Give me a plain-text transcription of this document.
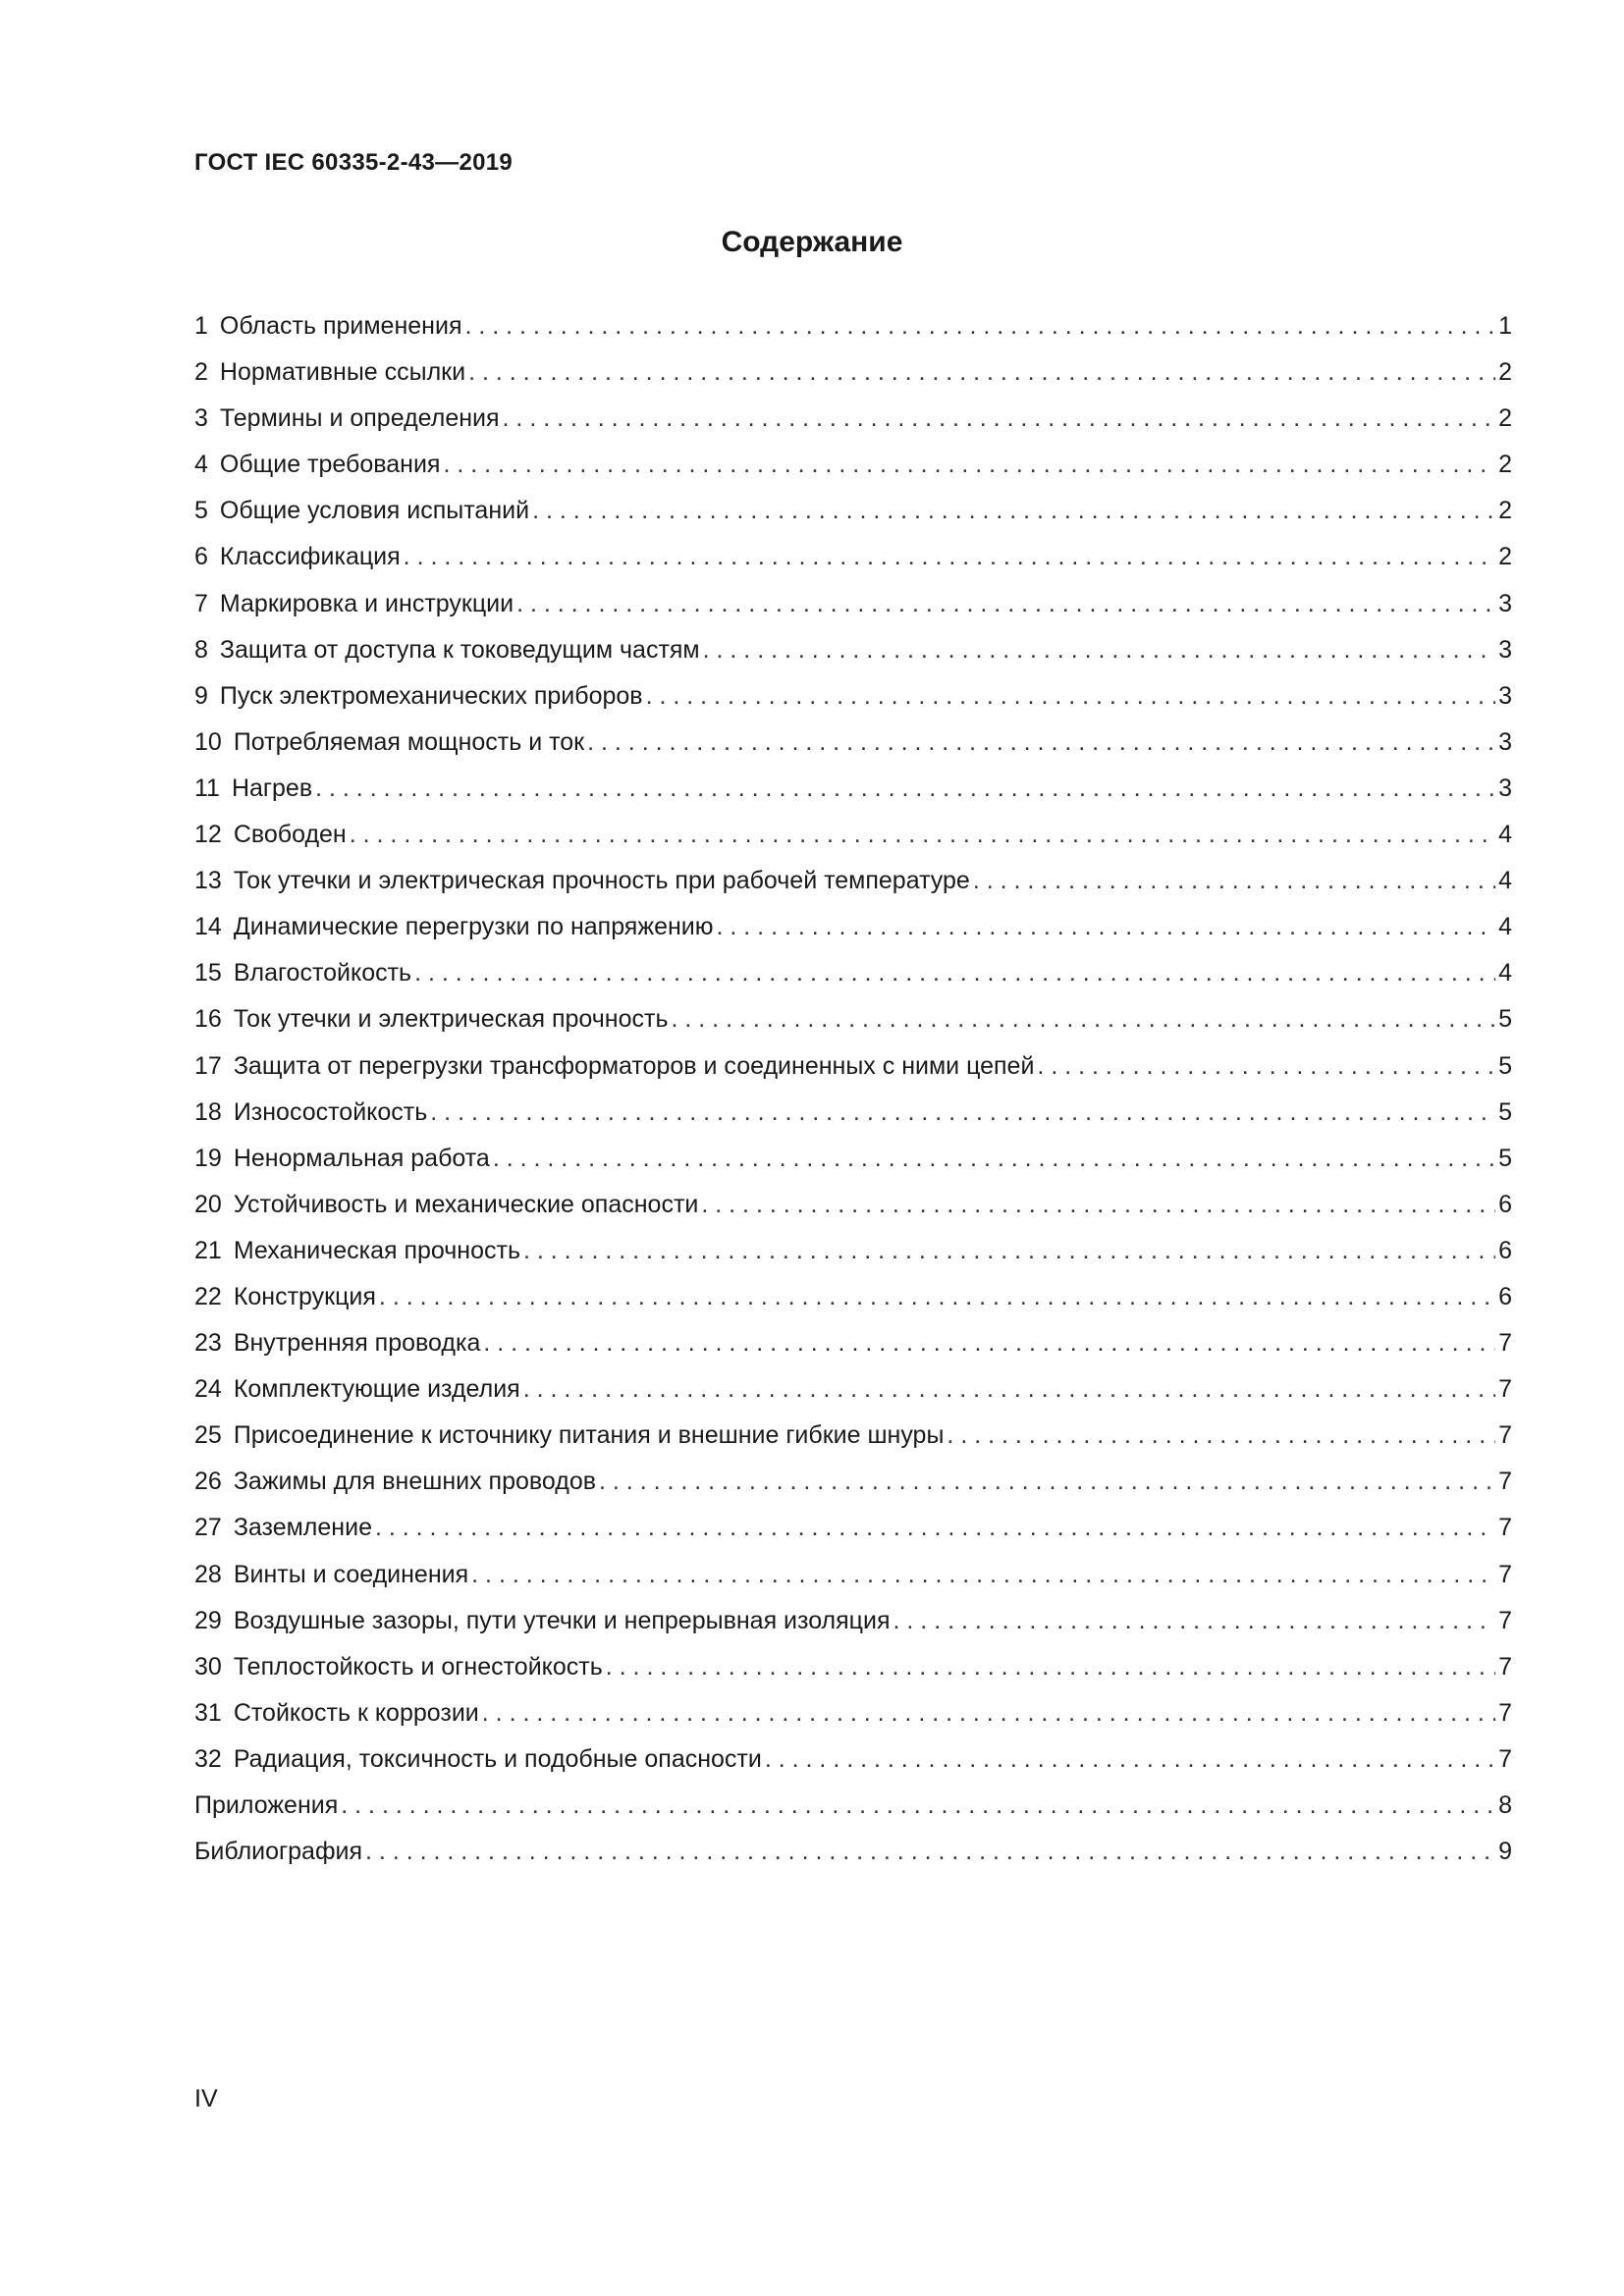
ГОСТ IEC 60335-2-43—2019
Содержание
1 Область применения . . .	1
2 Нормативные ссылки . . .	2
3 Термины и определения . . .	2
4 Общие требования . . .	2
5 Общие условия испытаний . . .	2
6 Классификация . . .	2
7 Маркировка и инструкции . . .	3
8 Защита от доступа к токоведущим частям . . .	3
9 Пуск электромеханических приборов . . .	3
10 Потребляемая мощность и ток . . .	3
11 Нагрев . . .	3
12 Свободен . . .	4
13 Ток утечки и электрическая прочность при рабочей температуре . . .	4
14 Динамические перегрузки по напряжению . . .	4
15 Влагостойкость . . .	4
16 Ток утечки и электрическая прочность . . .	5
17 Защита от перегрузки трансформаторов и соединенных с ними цепей . . .	5
18 Износостойкость . . .	5
19 Ненормальная работа . . .	5
20 Устойчивость и механические опасности . . .	6
21 Механическая прочность . . .	6
22 Конструкция . . .	6
23 Внутренняя проводка . . .	7
24 Комплектующие изделия . . .	7
25 Присоединение к источнику питания и внешние гибкие шнуры . . .	7
26 Зажимы для внешних проводов . . .	7
27 Заземление . . .	7
28 Винты и соединения . . .	7
29 Воздушные зазоры, пути утечки и непрерывная изоляция . . .	7
30 Теплостойкость и огнестойкость . . .	7
31 Стойкость к коррозии . . .	7
32 Радиация, токсичность и подобные опасности . . .	7
Приложения . . .	8
Библиография . . .	9
IV
